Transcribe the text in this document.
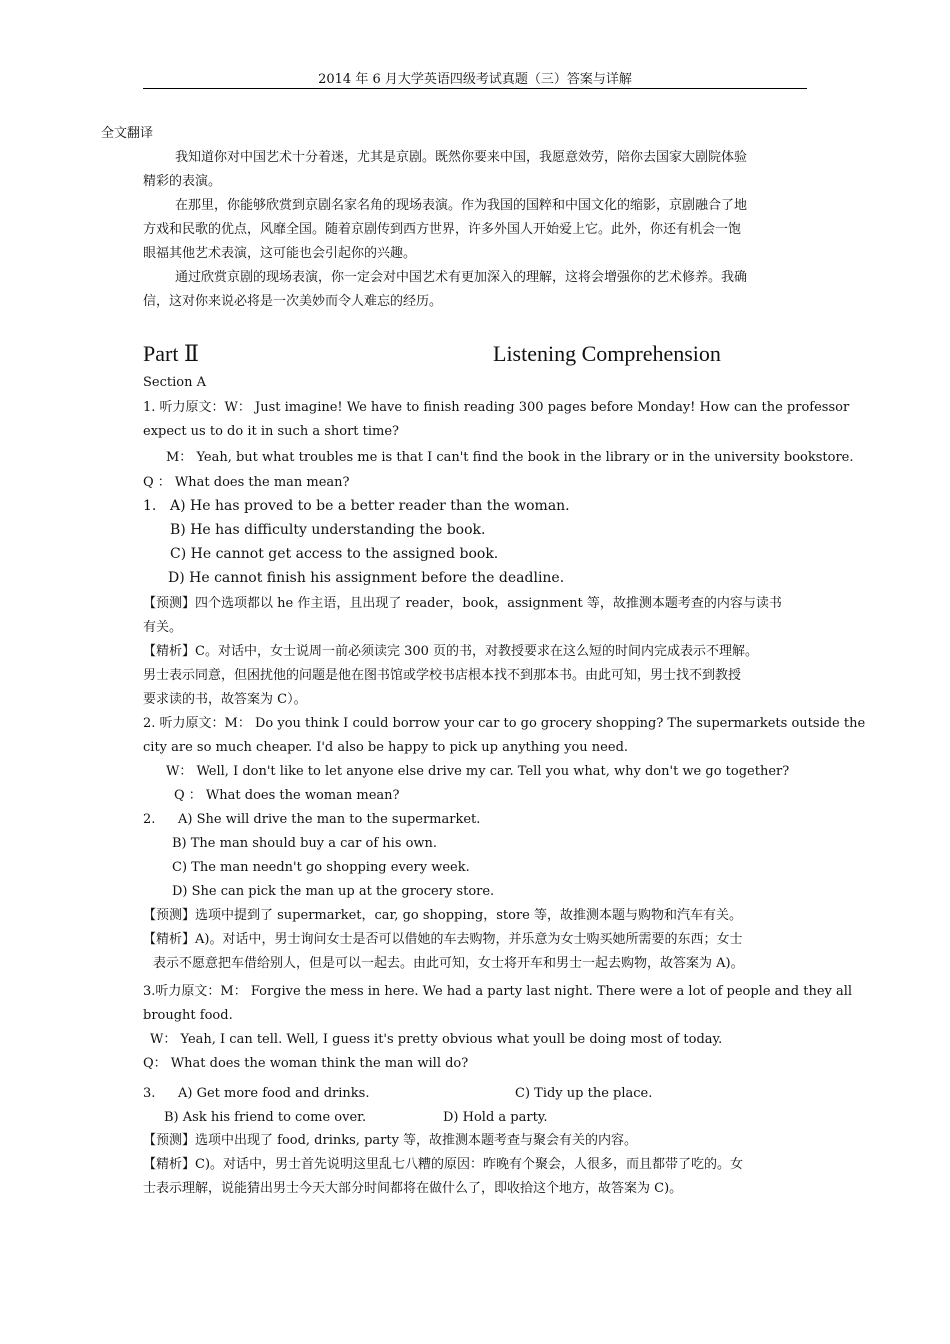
2014 年 6 月大学英语四级考试真题（三）答案与详解
全文翻译
我知道你对中国艺术十分着迷，尤其是京剧。既然你要来中国，我愿意效劳，陪你去国家大剧院体验
精彩的表演。
在那里，你能够欣赏到京剧名家名角的现场表演。作为我国的国粹和中国文化的缩影，京剧融合了地
方戏和民歌的优点，风靡全国。随着京剧传到西方世界，许多外国人开始爱上它。此外，你还有机会一饱
眼福其他艺术表演，这可能也会引起你的兴趣。
通过欣赏京剧的现场表演，你一定会对中国艺术有更加深入的理解，这将会增强你的艺术修养。我确
信，这对你来说必将是一次美妙而令人难忘的经历。
Part Ⅱ	Listening Comprehension
Section A
1. 听力原文：W： Just imagine! We have to finish reading 300 pages before Monday! How can the professor
expect us to do it in such a short time?
M： Yeah, but what troubles me is that I can't find the book in the library or in the university bookstore.
Q ： What does the man mean?
1. A) He has proved to be a better reader than the woman.
B) He has difficulty understanding the book.
C) He cannot get access to the assigned book.
D) He cannot finish his assignment before the deadline.
【预测】四个选项都以 he 作主语，且出现了 reader，book，assignment 等，故推测本题考查的内容与读书
有关。
【精析】C。对话中，女士说周一前必须读完 300 页的书，对教授要求在这么短的时间内完成表示不理解。
男士表示同意，但困扰他的问题是他在图书馆或学校书店根本找不到那本书。由此可知，男士找不到教授
要求读的书，故答案为 C）。
2. 听力原文：M： Do you think I could borrow your car to go grocery shopping? The supermarkets outside the
city are so much cheaper. I'd also be happy to pick up anything you need.
W： Well, I don't like to let anyone else drive my car. Tell you what, why don't we go together?
Q ： What does the woman mean?
2. A) She will drive the man to the supermarket.
B) The man should buy a car of his own.
C) The man needn't go shopping every week.
D) She can pick the man up at the grocery store.
【预测】选项中提到了 supermarket，car, go shopping，store 等，故推测本题与购物和汽车有关。
【精析】A)。对话中，男士询问女士是否可以借她的车去购物，并乐意为女士购买她所需要的东西；女士
表示不愿意把车借给别人，但是可以一起去。由此可知，女士将开车和男士一起去购物，故答案为 A)。
3.听力原文：M： Forgive the mess in here. We had a party last night. There were a lot of people and they all
brought food.
W： Yeah, I can tell. Well, I guess it's pretty obvious what youll be doing most of today.
Q： What does the woman think the man will do?
3. A) Get more food and drinks.	C) Tidy up the place.
B) Ask his friend to come over.	D) Hold a party.
【预测】选项中出现了 food, drinks, party 等，故推测本题考查与聚会有关的内容。
【精析】C)。对话中，男士首先说明这里乱七八糟的原因：昨晚有个聚会，人很多，而且都带了吃的。女
士表示理解，说能猜出男士今天大部分时间都将在做什么了，即收拾这个地方，故答案为 C)。
